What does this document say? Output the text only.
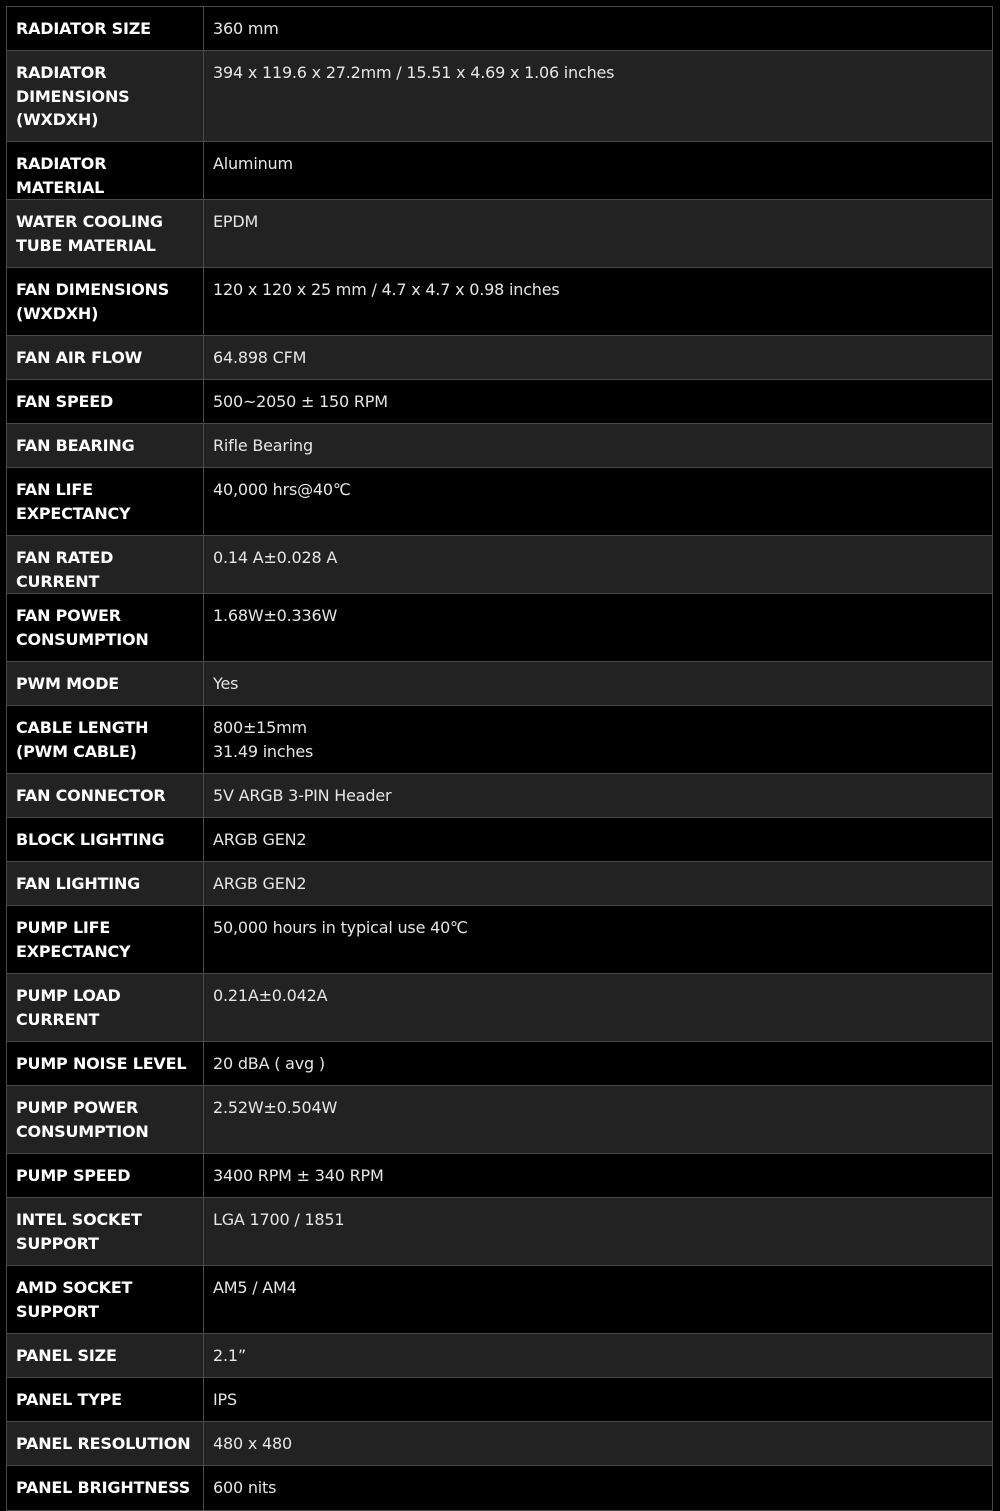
RADIATOR SIZE	360 mm
RADIATOR DIMENSIONS (WXDXH)	394 x 119.6 x 27.2mm / 15.51 x 4.69 x 1.06 inches
RADIATOR MATERIAL	Aluminum
WATER COOLING TUBE MATERIAL	EPDM
FAN DIMENSIONS (WXDXH)	120 x 120 x 25 mm / 4.7 x 4.7 x 0.98 inches
FAN AIR FLOW	64.898 CFM
FAN SPEED	500~2050 ± 150 RPM
FAN BEARING	Rifle Bearing
FAN LIFE EXPECTANCY	40,000 hrs@40℃
FAN RATED CURRENT	0.14 A±0.028 A
FAN POWER CONSUMPTION	1.68W±0.336W
PWM MODE	Yes
CABLE LENGTH (PWM CABLE)	800±15mm
31.49 inches

FAN CONNECTOR	5V ARGB 3-PIN Header
BLOCK LIGHTING	ARGB GEN2
FAN LIGHTING	ARGB GEN2
PUMP LIFE EXPECTANCY	50,000 hours in typical use 40℃
PUMP LOAD CURRENT	0.21A±0.042A
PUMP NOISE LEVEL	20 dBA ( avg )
PUMP POWER CONSUMPTION	2.52W±0.504W
PUMP SPEED	3400 RPM ± 340 RPM
INTEL SOCKET SUPPORT	LGA 1700 / 1851
AMD SOCKET SUPPORT	AM5 / AM4
PANEL SIZE	2.1”
PANEL TYPE	IPS
PANEL RESOLUTION	480 x 480
PANEL BRIGHTNESS	600 nits
